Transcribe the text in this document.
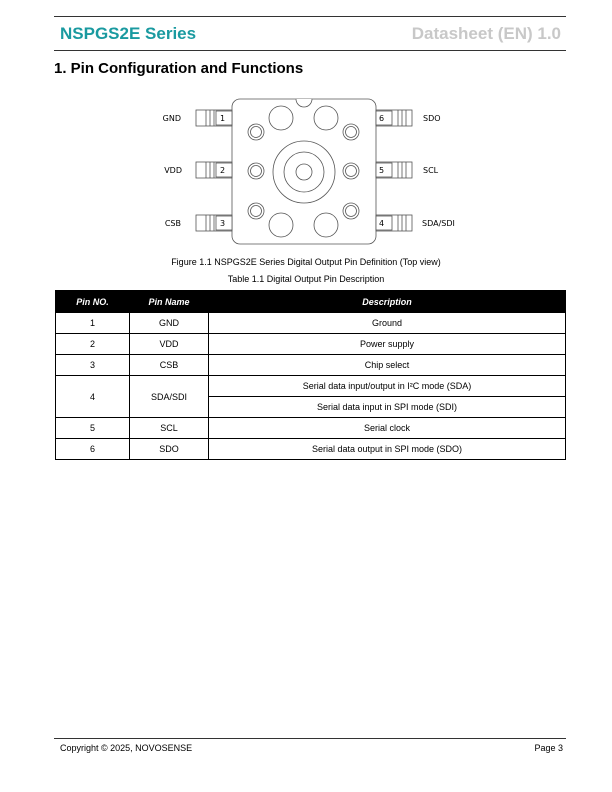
NSPGS2E Series	Datasheet (EN) 1.0
1. Pin Configuration and Functions
1
2
3
6
5
4
GND
VDD
CSB
SDO
SCL
SDA/SDI
Figure 1.1 NSPGS2E Series Digital Output Pin Definition (Top view)
Table 1.1 Digital Output Pin Description
Pin NO.	Pin Name	Description
1	GND	Ground
2	VDD	Power supply
3	CSB	Chip select
4	SDA/SDI	Serial data input/output in I²C mode (SDA)
		Serial data input in SPI mode (SDI)
5	SCL	Serial clock
6	SDO	Serial data output in SPI mode (SDO)
Copyright © 2025, NOVOSENSE	Page 3
